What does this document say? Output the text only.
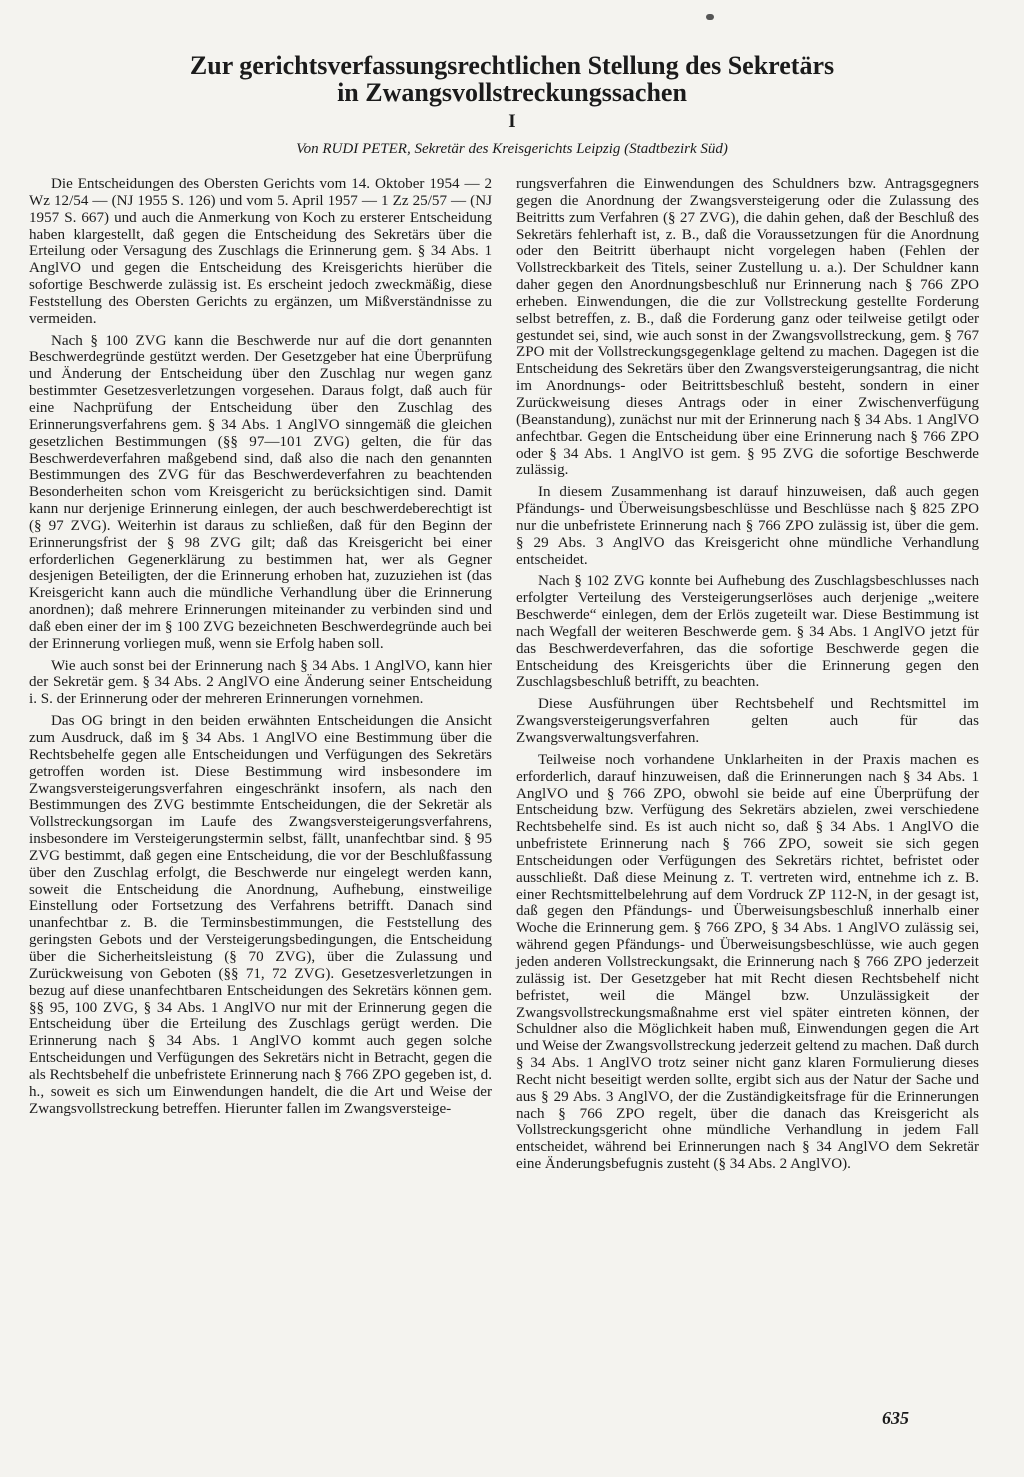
Zur gerichtsverfassungsrechtlichen Stellung des Sekretärs
in Zwangsvollstreckungssachen
I
Von RUDI PETER, Sekretär des Kreisgerichts Leipzig (Stadtbezirk Süd)

Die Entscheidungen des Obersten Gerichts vom 14. Oktober 1954 — 2 Wz 12/54 — (NJ 1955 S. 126) und vom 5. April 1957 — 1 Zz 25/57 — (NJ 1957 S. 667) und auch die Anmerkung von Koch zu ersterer Entscheidung haben klargestellt, daß gegen die Entscheidung des Sekretärs über die Erteilung oder Versagung des Zuschlags die Erinnerung gem. § 34 Abs. 1 AnglVO und gegen die Entscheidung des Kreisgerichts hierüber die sofortige Beschwerde zulässig ist. Es erscheint jedoch zweckmäßig, diese Feststellung des Obersten Gerichts zu ergänzen, um Mißverständnisse zu vermeiden.

Nach § 100 ZVG kann die Beschwerde nur auf die dort genannten Beschwerdegründe gestützt werden. Der Gesetzgeber hat eine Überprüfung und Änderung der Entscheidung über den Zuschlag nur wegen ganz bestimmter Gesetzesverletzungen vorgesehen. Daraus folgt, daß auch für eine Nachprüfung der Entscheidung über den Zuschlag des Erinnerungsverfahrens gem. § 34 Abs. 1 AnglVO sinngemäß die gleichen gesetzlichen Bestimmungen (§§ 97—101 ZVG) gelten, die für das Beschwerdeverfahren maßgebend sind, daß also die nach den genannten Bestimmungen des ZVG für das Beschwerdeverfahren zu beachtenden Besonderheiten schon vom Kreisgericht zu berücksichtigen sind. Damit kann nur derjenige Erinnerung einlegen, der auch beschwerdeberechtigt ist (§ 97 ZVG). Weiterhin ist daraus zu schließen, daß für den Beginn der Erinnerungsfrist der § 98 ZVG gilt; daß das Kreisgericht bei einer erforderlichen Gegenerklärung zu bestimmen hat, wer als Gegner desjenigen Beteiligten, der die Erinnerung erhoben hat, zuzuziehen ist (das Kreisgericht kann auch die mündliche Verhandlung über die Erinnerung anordnen); daß mehrere Erinnerungen miteinander zu verbinden sind und daß eben einer der im § 100 ZVG bezeichneten Beschwerdegründe auch bei der Erinnerung vorliegen muß, wenn sie Erfolg haben soll.

Wie auch sonst bei der Erinnerung nach § 34 Abs. 1 AnglVO, kann hier der Sekretär gem. § 34 Abs. 2 AnglVO eine Änderung seiner Entscheidung i. S. der Erinnerung oder der mehreren Erinnerungen vornehmen.

Das OG bringt in den beiden erwähnten Entscheidungen die Ansicht zum Ausdruck, daß im § 34 Abs. 1 AnglVO eine Bestimmung über die Rechtsbehelfe gegen alle Entscheidungen und Verfügungen des Sekretärs getroffen worden ist. Diese Bestimmung wird insbesondere im Zwangsversteigerungsverfahren eingeschränkt insofern, als nach den Bestimmungen des ZVG bestimmte Entscheidungen, die der Sekretär als Vollstreckungsorgan im Laufe des Zwangsversteigerungsverfahrens, insbesondere im Versteigerungstermin selbst, fällt, unanfechtbar sind. § 95 ZVG bestimmt, daß gegen eine Entscheidung, die vor der Beschlußfassung über den Zuschlag erfolgt, die Beschwerde nur eingelegt werden kann, soweit die Entscheidung die Anordnung, Aufhebung, einstweilige Einstellung oder Fortsetzung des Verfahrens betrifft. Danach sind unanfechtbar z. B. die Terminsbestimmungen, die Feststellung des geringsten Gebots und der Versteigerungsbedingungen, die Entscheidung über die Sicherheitsleistung (§ 70 ZVG), über die Zulassung und Zurückweisung von Geboten (§§ 71, 72 ZVG). Gesetzesverletzungen in bezug auf diese unanfechtbaren Entscheidungen des Sekretärs können gem. §§ 95, 100 ZVG, § 34 Abs. 1 AnglVO nur mit der Erinnerung gegen die Entscheidung über die Erteilung des Zuschlags gerügt werden. Die Erinnerung nach § 34 Abs. 1 AnglVO kommt auch gegen solche Entscheidungen und Verfügungen des Sekretärs nicht in Betracht, gegen die als Rechtsbehelf die unbefristete Erinnerung nach § 766 ZPO gegeben ist, d. h., soweit es sich um Einwendungen handelt, die die Art und Weise der Zwangsvollstreckung betreffen. Hierunter fallen im Zwangsversteige-

rungsverfahren die Einwendungen des Schuldners bzw. Antragsgegners gegen die Anordnung der Zwangsversteigerung oder die Zulassung des Beitritts zum Verfahren (§ 27 ZVG), die dahin gehen, daß der Beschluß des Sekretärs fehlerhaft ist, z. B., daß die Voraussetzungen für die Anordnung oder den Beitritt überhaupt nicht vorgelegen haben (Fehlen der Vollstreckbarkeit des Titels, seiner Zustellung u. a.). Der Schuldner kann daher gegen den Anordnungsbeschluß nur Erinnerung nach § 766 ZPO erheben. Einwendungen, die die zur Vollstreckung gestellte Forderung selbst betreffen, z. B., daß die Forderung ganz oder teilweise getilgt oder gestundet sei, sind, wie auch sonst in der Zwangsvollstreckung, gem. § 767 ZPO mit der Vollstreckungsgegenklage geltend zu machen. Dagegen ist die Entscheidung des Sekretärs über den Zwangsversteigerungsantrag, die nicht im Anordnungs- oder Beitrittsbeschluß besteht, sondern in einer Zurückweisung dieses Antrags oder in einer Zwischenverfügung (Beanstandung), zunächst nur mit der Erinnerung nach § 34 Abs. 1 AnglVO anfechtbar. Gegen die Entscheidung über eine Erinnerung nach § 766 ZPO oder § 34 Abs. 1 AnglVO ist gem. § 95 ZVG die sofortige Beschwerde zulässig.

In diesem Zusammenhang ist darauf hinzuweisen, daß auch gegen Pfändungs- und Überweisungsbeschlüsse und Beschlüsse nach § 825 ZPO nur die unbefristete Erinnerung nach § 766 ZPO zulässig ist, über die gem. § 29 Abs. 3 AnglVO das Kreisgericht ohne mündliche Verhandlung entscheidet.

Nach § 102 ZVG konnte bei Aufhebung des Zuschlagsbeschlusses nach erfolgter Verteilung des Versteigerungserlöses auch derjenige „weitere Beschwerde“ einlegen, dem der Erlös zugeteilt war. Diese Bestimmung ist nach Wegfall der weiteren Beschwerde gem. § 34 Abs. 1 AnglVO jetzt für das Beschwerdeverfahren, das die sofortige Beschwerde gegen die Entscheidung des Kreisgerichts über die Erinnerung gegen den Zuschlagsbeschluß betrifft, zu beachten.

Diese Ausführungen über Rechtsbehelf und Rechtsmittel im Zwangsversteigerungsverfahren gelten auch für das Zwangsverwaltungsverfahren.

Teilweise noch vorhandene Unklarheiten in der Praxis machen es erforderlich, darauf hinzuweisen, daß die Erinnerungen nach § 34 Abs. 1 AnglVO und § 766 ZPO, obwohl sie beide auf eine Überprüfung der Entscheidung bzw. Verfügung des Sekretärs abzielen, zwei verschiedene Rechtsbehelfe sind. Es ist auch nicht so, daß § 34 Abs. 1 AnglVO die unbefristete Erinnerung nach § 766 ZPO, soweit sie sich gegen Entscheidungen oder Verfügungen des Sekretärs richtet, befristet oder ausschließt. Daß diese Meinung z. T. vertreten wird, entnehme ich z. B. einer Rechtsmittelbelehrung auf dem Vordruck ZP 112-N, in der gesagt ist, daß gegen den Pfändungs- und Überweisungsbeschluß innerhalb einer Woche die Erinnerung gem. § 766 ZPO, § 34 Abs. 1 AnglVO zulässig sei, während gegen Pfändungs- und Überweisungsbeschlüsse, wie auch gegen jeden anderen Vollstreckungsakt, die Erinnerung nach § 766 ZPO jederzeit zulässig ist. Der Gesetzgeber hat mit Recht diesen Rechtsbehelf nicht befristet, weil die Mängel bzw. Unzulässigkeit der Zwangsvollstreckungsmaßnahme erst viel später eintreten können, der Schuldner also die Möglichkeit haben muß, Einwendungen gegen die Art und Weise der Zwangsvollstreckung jederzeit geltend zu machen. Daß durch § 34 Abs. 1 AnglVO trotz seiner nicht ganz klaren Formulierung dieses Recht nicht beseitigt werden sollte, ergibt sich aus der Natur der Sache und aus § 29 Abs. 3 AnglVO, der die Zuständigkeitsfrage für die Erinnerungen nach § 766 ZPO regelt, über die danach das Kreisgericht als Vollstreckungsgericht ohne mündliche Verhandlung in jedem Fall entscheidet, während bei Erinnerungen nach § 34 AnglVO dem Sekretär eine Änderungsbefugnis zusteht (§ 34 Abs. 2 AnglVO).

635
